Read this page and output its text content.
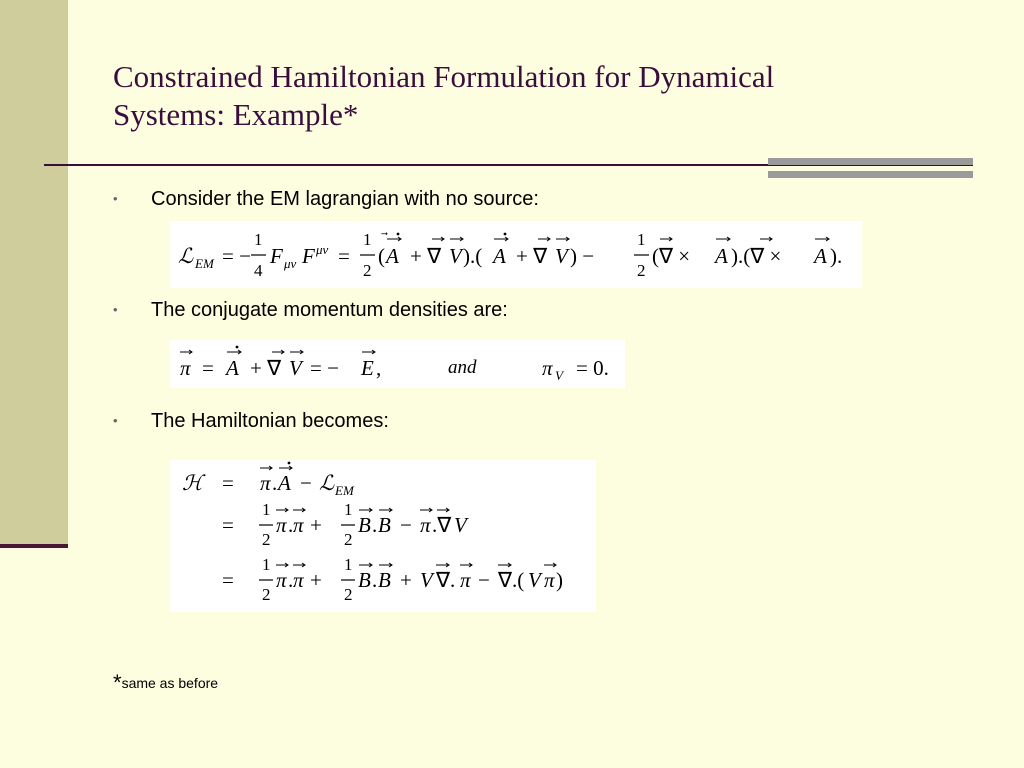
Constrained Hamiltonian Formulation for Dynamical
Systems: Example*
•	Consider the EM lagrangian with no source:
ℒ EM = −
1
4
F μν F μν =
1
2
( A + ∇ V ).( A + ∇ V ) −
1
2
(∇ × A ).(∇ × A ).
•	The conjugate momentum densities are:
π = A + ∇ V = − E ,	and	π V = 0.
•	The Hamiltonian becomes:
ℋ = π . A − ℒ EM
=
1
2
π . π +
1
2
B . B − π .∇ V
=
1
2
π . π +
1
2
B . B + V ∇. π − ∇.( V π )
*same as before
